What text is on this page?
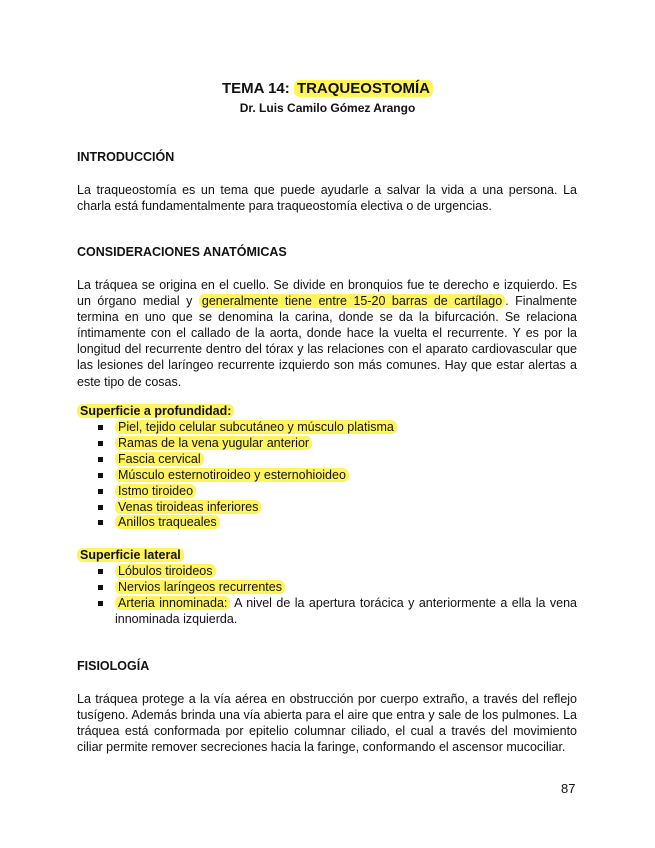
TEMA 14: TRAQUEOSTOMÍA
Dr. Luis Camilo Gómez Arango

INTRODUCCIÓN

La traqueostomía es un tema que puede ayudarle a salvar la vida a una persona. La charla está fundamentalmente para traqueostomía electiva o de urgencias.

CONSIDERACIONES ANATÓMICAS

La tráquea se origina en el cuello. Se divide en bronquios fue te derecho e izquierdo. Es un órgano medial y generalmente tiene entre 15-20 barras de cartílago . Finalmente termina en uno que se denomina la carina, donde se da la bifurcación. Se relaciona íntimamente con el callado de la aorta, donde hace la vuelta el recurrente. Y es por la longitud del recurrente dentro del tórax y las relaciones con el aparato cardiovascular que las lesiones del laríngeo recurrente izquierdo son más comunes. Hay que estar alertas a este tipo de cosas.

Superficie a profundidad:

Piel, tejido celular subcutáneo y músculo platisma
Ramas de la vena yugular anterior
Fascia cervical
Músculo esternotiroideo y esternohioideo
Istmo tiroideo
Venas tiroideas inferiores
Anillos traqueales

Superficie lateral

Lóbulos tiroideos
Nervios laríngeos recurrentes
Arteria innominada: A nivel de la apertura torácica y anteriormente a ella la vena innominada izquierda.

FISIOLOGÍA

La tráquea protege a la vía aérea en obstrucción por cuerpo extraño, a través del reflejo tusígeno. Además brinda una vía abierta para el aire que entra y sale de los pulmones. La tráquea está conformada por epitelio columnar ciliado, el cual a través del movimiento ciliar permite remover secreciones hacia la faringe, conformando el ascensor mucociliar.

87
